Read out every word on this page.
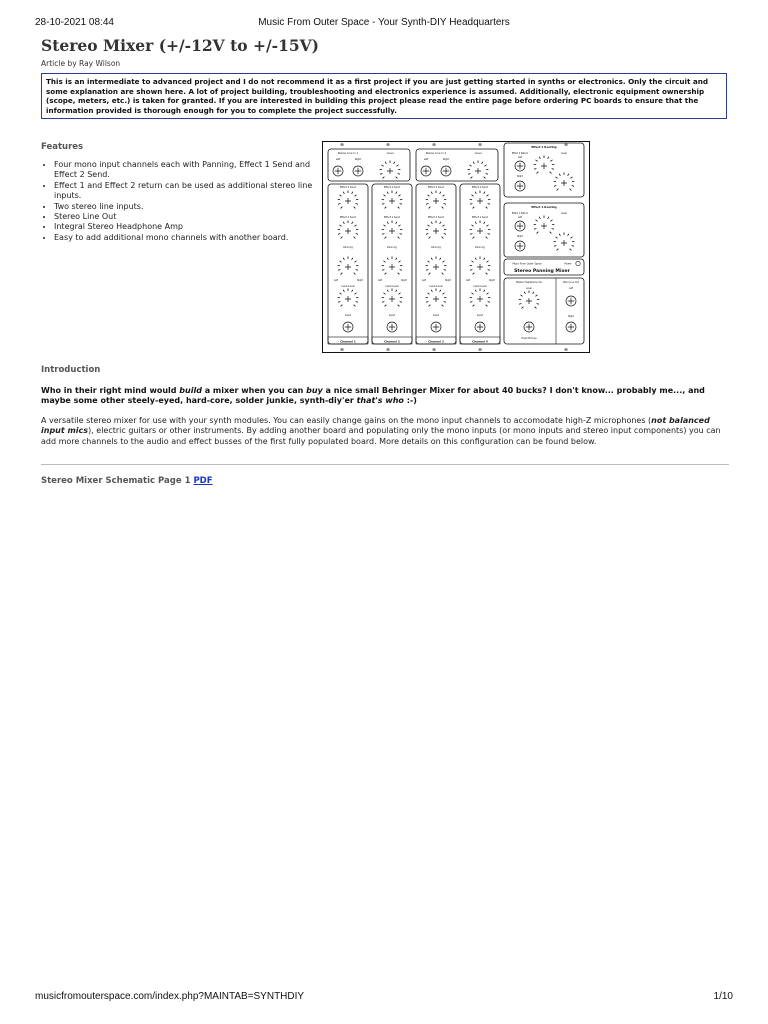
28-10-2021 08:44	Music From Outer Space - Your Synth-DIY Headquarters
Stereo Mixer (+/-12V to +/-15V)
Article by Ray Wilson
This is an intermediate to advanced project and I do not recommend it as a first project if you are just getting started in synths or electronics. Only the circuit and some explanation are shown here. A lot of project building, troubleshooting and electronics experience is assumed. Additionally, electronic equipment ownership (scope, meters, etc.) is taken for granted. If you are interested in building this project please read the entire page before ordering PC boards to ensure that the information provided is thorough enough for you to complete the project successfully.
Features
• Four mono input channels each with Panning, Effect 1 Send and Effect 2 Send.
• Effect 1 and Effect 2 return can be used as additional stereo line inputs.
• Two stereo line inputs.
• Stereo Line Out
• Integral Stereo Headphone Amp
• Easy to add additional mono channels with another board.
⊕
⊕
⊕
⊕
⊕
⊕
⊕
⊕
⊕
⊕
Stereo Line In 1	Level
Left	Right
Stereo Line In 2	Level
Left	Right
Effect 2 Send
Effect 1 Send
Panning
Left	Right
Input Level
Input
Channel 1
Effect 2 Send
Effect 1 Send
Panning
Left	Right
Input Level
Input
Channel 2
Effect 2 Send
Effect 1 Send
Panning
Left	Right
Input Level
Input
Channel 3
Effect 2 Send
Effect 1 Send
Panning
Left	Right
Input Level
Input
Channel 4
Effect 2 Routing
Effect 2 Return	Level
Left
Right
Effect 1 Routing
Effect 1 Return	Level
Left
Right
Music From Outer Space	Power
Stereo Panning Mixer
Master Headphone Vol	Main Line Out
Level
Head Phones
Left
Right
Introduction
Who in their right mind would build a mixer when you can buy a nice small Behringer Mixer for about 40 bucks? I don't know... probably me..., and maybe some other steely-eyed, hard-core, solder junkie, synth-diy'er that's who :-)
A versatile stereo mixer for use with your synth modules. You can easily change gains on the mono input channels to accomodate high-Z microphones (not balanced input mics), electric guitars or other instruments. By adding another board and populating only the mono inputs (or mono inputs and stereo input components) you can add more channels to the audio and effect busses of the first fully populated board. More details on this configuration can be found below.
Stereo Mixer Schematic Page 1 PDF
musicfromouterspace.com/index.php?MAINTAB=SYNTHDIY	1/10
